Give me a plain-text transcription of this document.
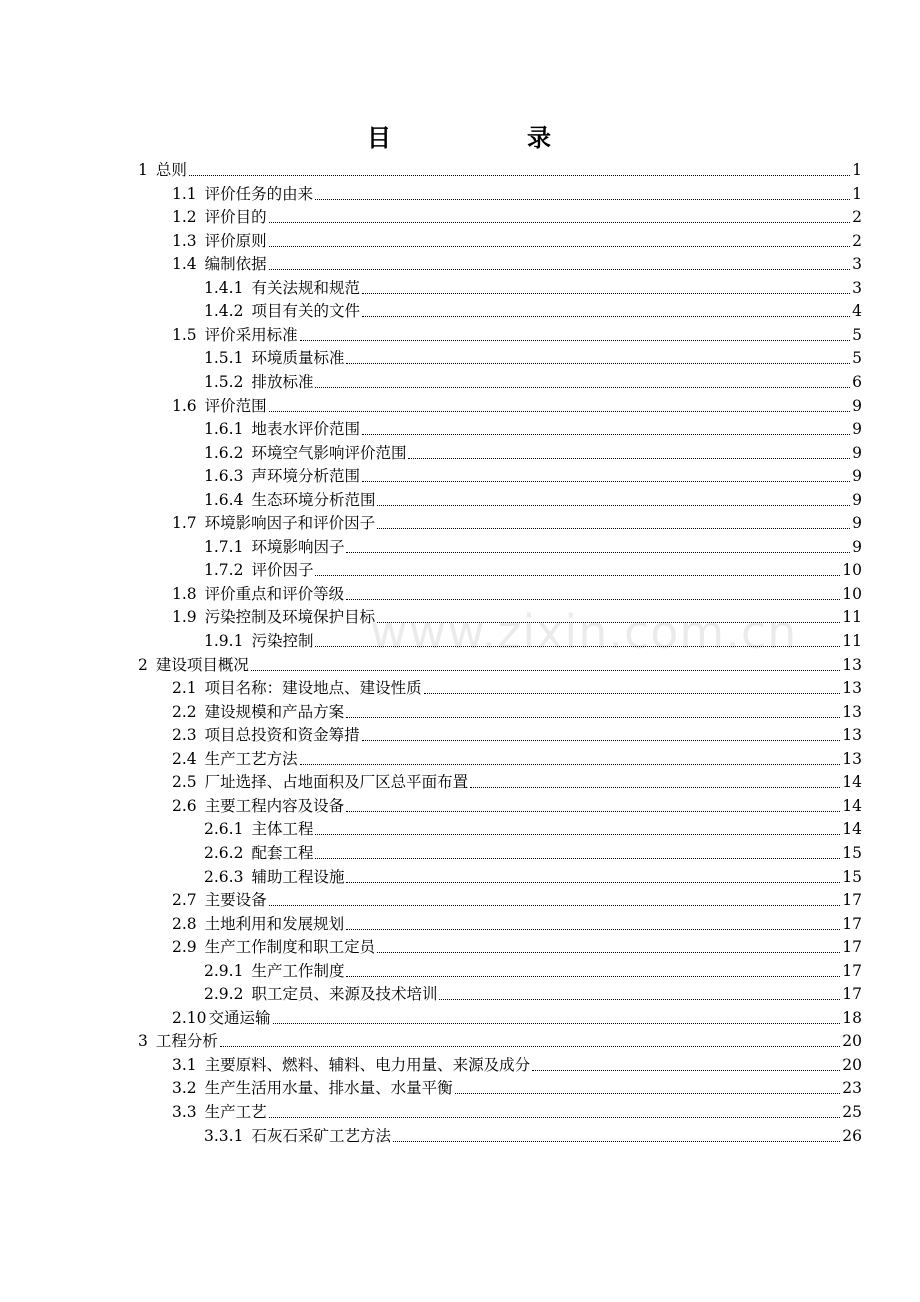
目	录
www.zixin.com.cn
1 总则	1
1.1 评价任务的由来	1
1.2 评价目的	2
1.3 评价原则	2
1.4 编制依据	3
1.4.1 有关法规和规范	3
1.4.2 项目有关的文件	4
1.5 评价采用标准	5
1.5.1 环境质量标准	5
1.5.2 排放标准	6
1.6 评价范围	9
1.6.1 地表水评价范围	9
1.6.2 环境空气影响评价范围	9
1.6.3 声环境分析范围	9
1.6.4 生态环境分析范围	9
1.7 环境影响因子和评价因子	9
1.7.1 环境影响因子	9
1.7.2 评价因子	10
1.8 评价重点和评价等级	10
1.9 污染控制及环境保护目标	11
1.9.1 污染控制	11
2 建设项目概况	13
2.1 项目名称：建设地点、建设性质	13
2.2 建设规模和产品方案	13
2.3 项目总投资和资金筹措	13
2.4 生产工艺方法	13
2.5 厂址选择、占地面积及厂区总平面布置	14
2.6 主要工程内容及设备	14
2.6.1 主体工程	14
2.6.2 配套工程	15
2.6.3 辅助工程设施	15
2.7 主要设备	17
2.8 土地利用和发展规划	17
2.9 生产工作制度和职工定员	17
2.9.1 生产工作制度	17
2.9.2 职工定员、来源及技术培训	17
2.10 交通运输	18
3 工程分析	20
3.1 主要原料、燃料、辅料、电力用量、来源及成分	20
3.2 生产生活用水量、排水量、水量平衡	23
3.3 生产工艺	25
3.3.1 石灰石采矿工艺方法	26
